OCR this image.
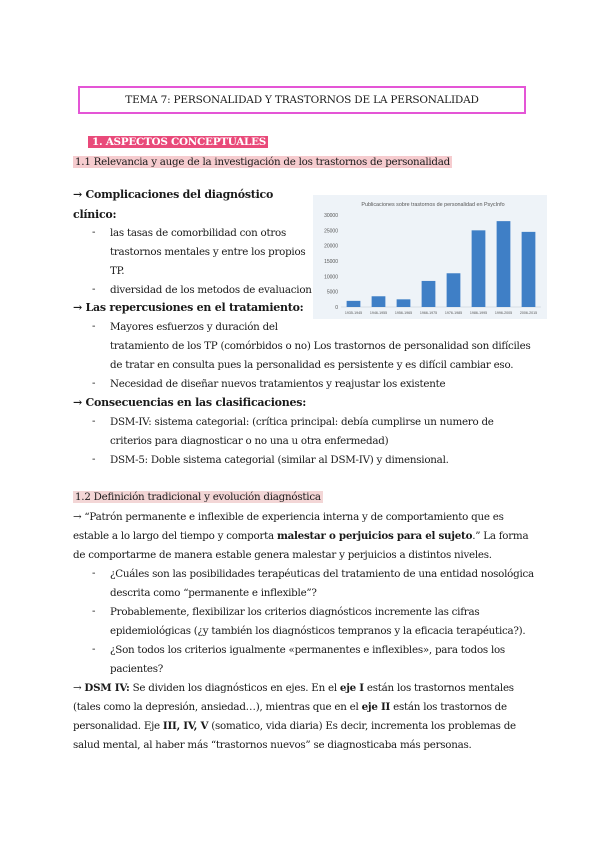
TEMA 7: PERSONALIDAD Y TRASTORNOS DE LA PERSONALIDAD
1. ASPECTOS CONCEPTUALES
1.1 Relevancia y auge de la investigación de los trastornos de personalidad
→ Complicaciones del diagnóstico
clínico:
- las tasas de comorbilidad con otros
trastornos mentales y entre los propios
TP.
- diversidad de los metodos de evaluacion
Publicaciones sobre trastornos de personalidad en PsycInfo
30000
25000
20000
15000
10000
5000
0
1935-1945 1946-1955 1956-1965 1966-1975 1976-1985 1986-1995 1996-2005 2006-2015
→ Las repercusiones en el tratamiento:
- Mayores esfuerzos y duración del
tratamiento de los TP (comórbidos o no) Los trastornos de personalidad son difíciles
de tratar en consulta pues la personalidad es persistente y es difícil cambiar eso.
- Necesidad de diseñar nuevos tratamientos y reajustar los existente
→ Consecuencias en las clasificaciones:
- DSM-IV: sistema categorial: (crítica principal: debía cumplirse un numero de
criterios para diagnosticar o no una u otra enfermedad)
- DSM-5: Doble sistema categorial (similar al DSM-IV) y dimensional.
1.2 Definición tradicional y evolución diagnóstica
→ “Patrón permanente e inflexible de experiencia interna y de comportamiento que es
estable a lo largo del tiempo y comporta malestar o perjuicios para el sujeto.” La forma
de comportarme de manera estable genera malestar y perjuicios a distintos niveles.
- ¿Cuáles son las posibilidades terapéuticas del tratamiento de una entidad nosológica
descrita como “permanente e inflexible”?
- Probablemente, flexibilizar los criterios diagnósticos incremente las cifras
epidemiológicas (¿y también los diagnósticos tempranos y la eficacia terapéutica?).
- ¿Son todos los criterios igualmente «permanentes e inflexibles», para todos los
pacientes?
→ DSM IV: Se dividen los diagnósticos en ejes. En el eje I están los trastornos mentales
(tales como la depresión, ansiedad…), mientras que en el eje II están los trastornos de
personalidad. Eje III, IV, V (somatico, vida diaria) Es decir, incrementa los problemas de
salud mental, al haber más “trastornos nuevos” se diagnosticaba más personas.
